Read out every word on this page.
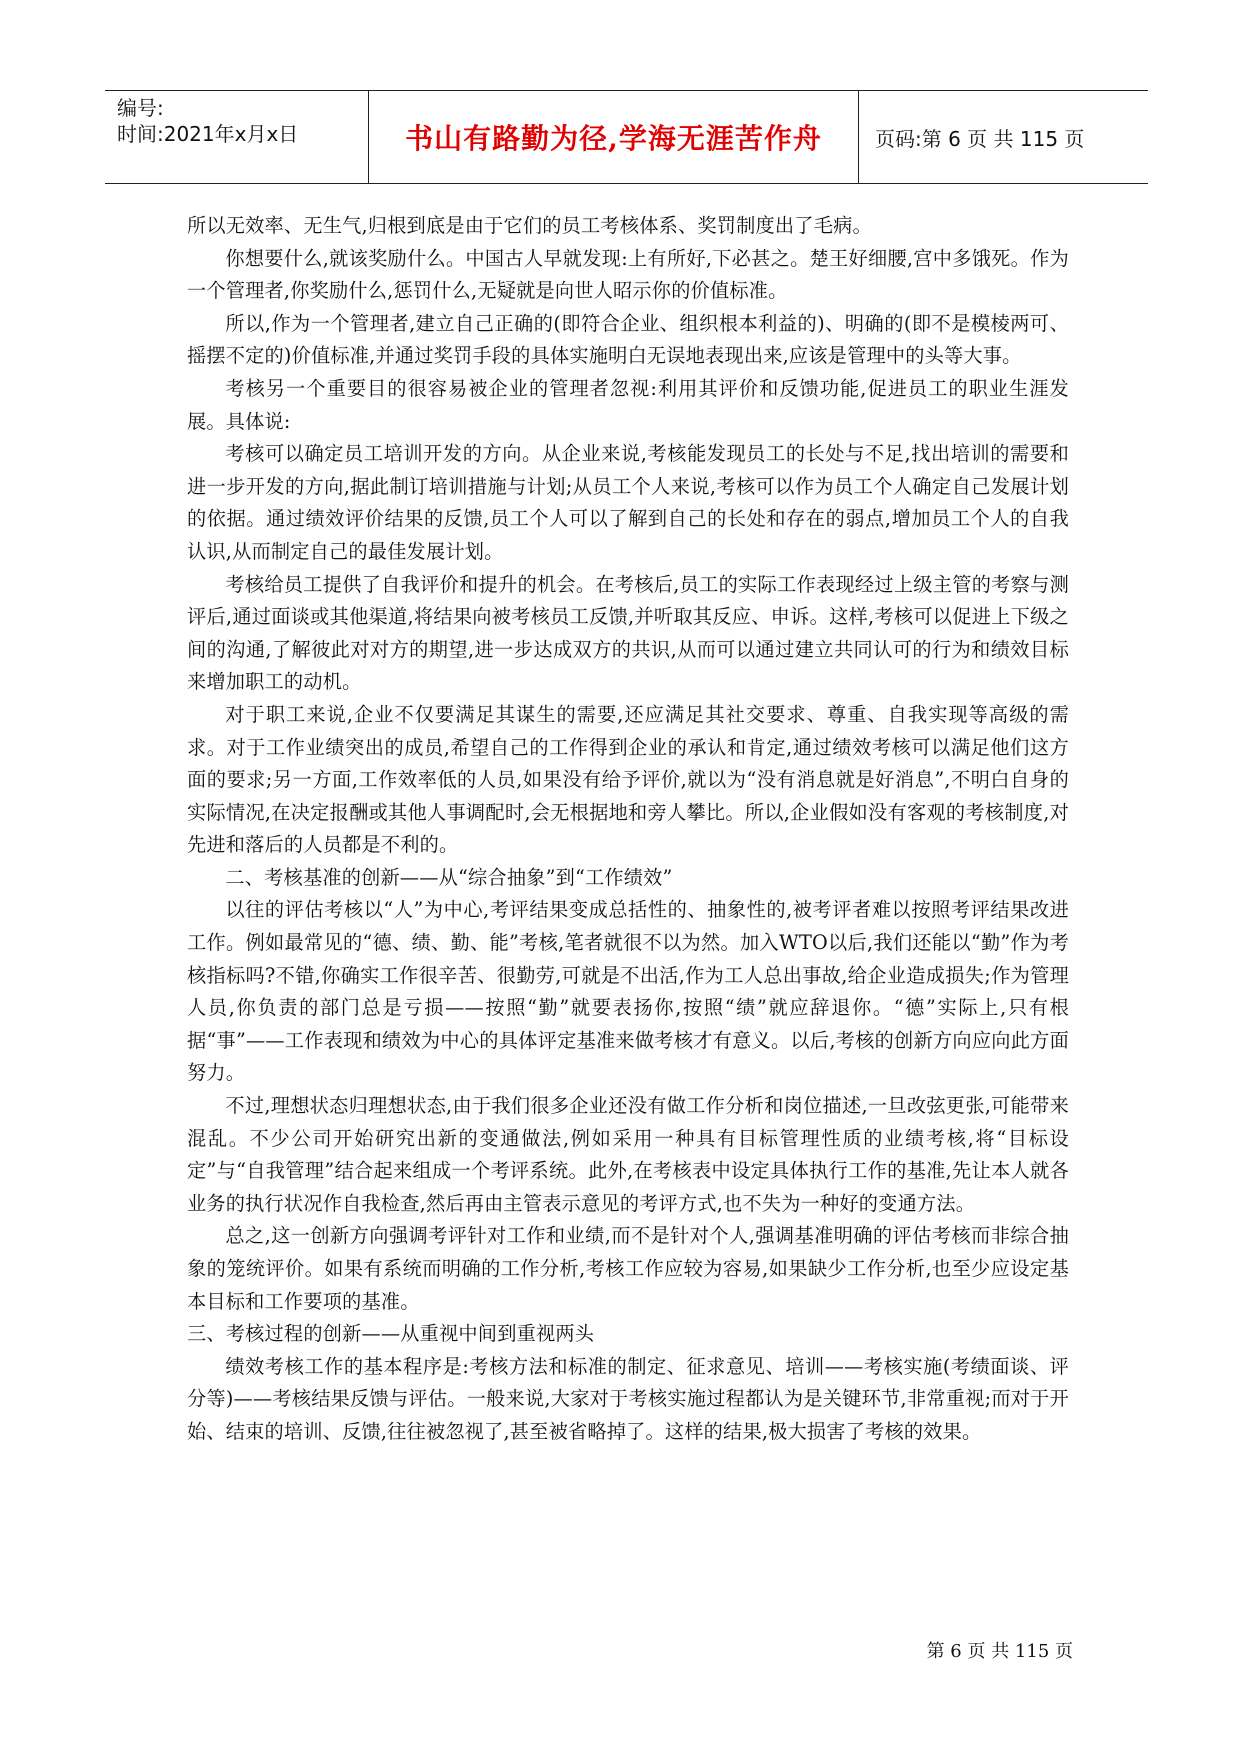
编号:
时间:2021年x月x日	书山有路勤为径,学海无涯苦作舟	页码:第 6 页 共 115 页

所以无效率、无生气,归根到底是由于它们的员工考核体系、奖罚制度出了毛病。

你想要什么,就该奖励什么。中国古人早就发现:上有所好,下必甚之。楚王好细腰,宫中多饿死。作为一个管理者,你奖励什么,惩罚什么,无疑就是向世人昭示你的价值标准。

所以,作为一个管理者,建立自己正确的(即符合企业、组织根本利益的)、明确的(即不是模棱两可、摇摆不定的)价值标准,并通过奖罚手段的具体实施明白无误地表现出来,应该是管理中的头等大事。

考核另一个重要目的很容易被企业的管理者忽视:利用其评价和反馈功能,促进员工的职业生涯发展。具体说:

考核可以确定员工培训开发的方向。从企业来说,考核能发现员工的长处与不足,找出培训的需要和进一步开发的方向,据此制订培训措施与计划;从员工个人来说,考核可以作为员工个人确定自己发展计划的依据。通过绩效评价结果的反馈,员工个人可以了解到自己的长处和存在的弱点,增加员工个人的自我认识,从而制定自己的最佳发展计划。

考核给员工提供了自我评价和提升的机会。在考核后,员工的实际工作表现经过上级主管的考察与测评后,通过面谈或其他渠道,将结果向被考核员工反馈,并听取其反应、申诉。这样,考核可以促进上下级之间的沟通,了解彼此对对方的期望,进一步达成双方的共识,从而可以通过建立共同认可的行为和绩效目标来增加职工的动机。

对于职工来说,企业不仅要满足其谋生的需要,还应满足其社交要求、尊重、自我实现等高级的需求。对于工作业绩突出的成员,希望自己的工作得到企业的承认和肯定,通过绩效考核可以满足他们这方面的要求;另一方面,工作效率低的人员,如果没有给予评价,就以为“没有消息就是好消息”,不明白自身的实际情况,在决定报酬或其他人事调配时,会无根据地和旁人攀比。所以,企业假如没有客观的考核制度,对先进和落后的人员都是不利的。

二、考核基准的创新——从“综合抽象”到“工作绩效”

以往的评估考核以“人”为中心,考评结果变成总括性的、抽象性的,被考评者难以按照考评结果改进工作。例如最常见的“德、绩、勤、能”考核,笔者就很不以为然。加入WTO以后,我们还能以“勤”作为考核指标吗?不错,你确实工作很辛苦、很勤劳,可就是不出活,作为工人总出事故,给企业造成损失;作为管理人员,你负责的部门总是亏损——按照“勤”就要表扬你,按照“绩”就应辞退你。“德”实际上,只有根据“事”——工作表现和绩效为中心的具体评定基准来做考核才有意义。以后,考核的创新方向应向此方面努力。

不过,理想状态归理想状态,由于我们很多企业还没有做工作分析和岗位描述,一旦改弦更张,可能带来混乱。不少公司开始研究出新的变通做法,例如采用一种具有目标管理性质的业绩考核,将“目标设定”与“自我管理”结合起来组成一个考评系统。此外,在考核表中设定具体执行工作的基准,先让本人就各业务的执行状况作自我检查,然后再由主管表示意见的考评方式,也不失为一种好的变通方法。

总之,这一创新方向强调考评针对工作和业绩,而不是针对个人,强调基准明确的评估考核而非综合抽象的笼统评价。如果有系统而明确的工作分析,考核工作应较为容易,如果缺少工作分析,也至少应设定基本目标和工作要项的基准。

三、考核过程的创新——从重视中间到重视两头

绩效考核工作的基本程序是:考核方法和标准的制定、征求意见、培训——考核实施(考绩面谈、评分等)——考核结果反馈与评估。一般来说,大家对于考核实施过程都认为是关键环节,非常重视;而对于开始、结束的培训、反馈,往往被忽视了,甚至被省略掉了。这样的结果,极大损害了考核的效果。

第 6 页 共 115 页
